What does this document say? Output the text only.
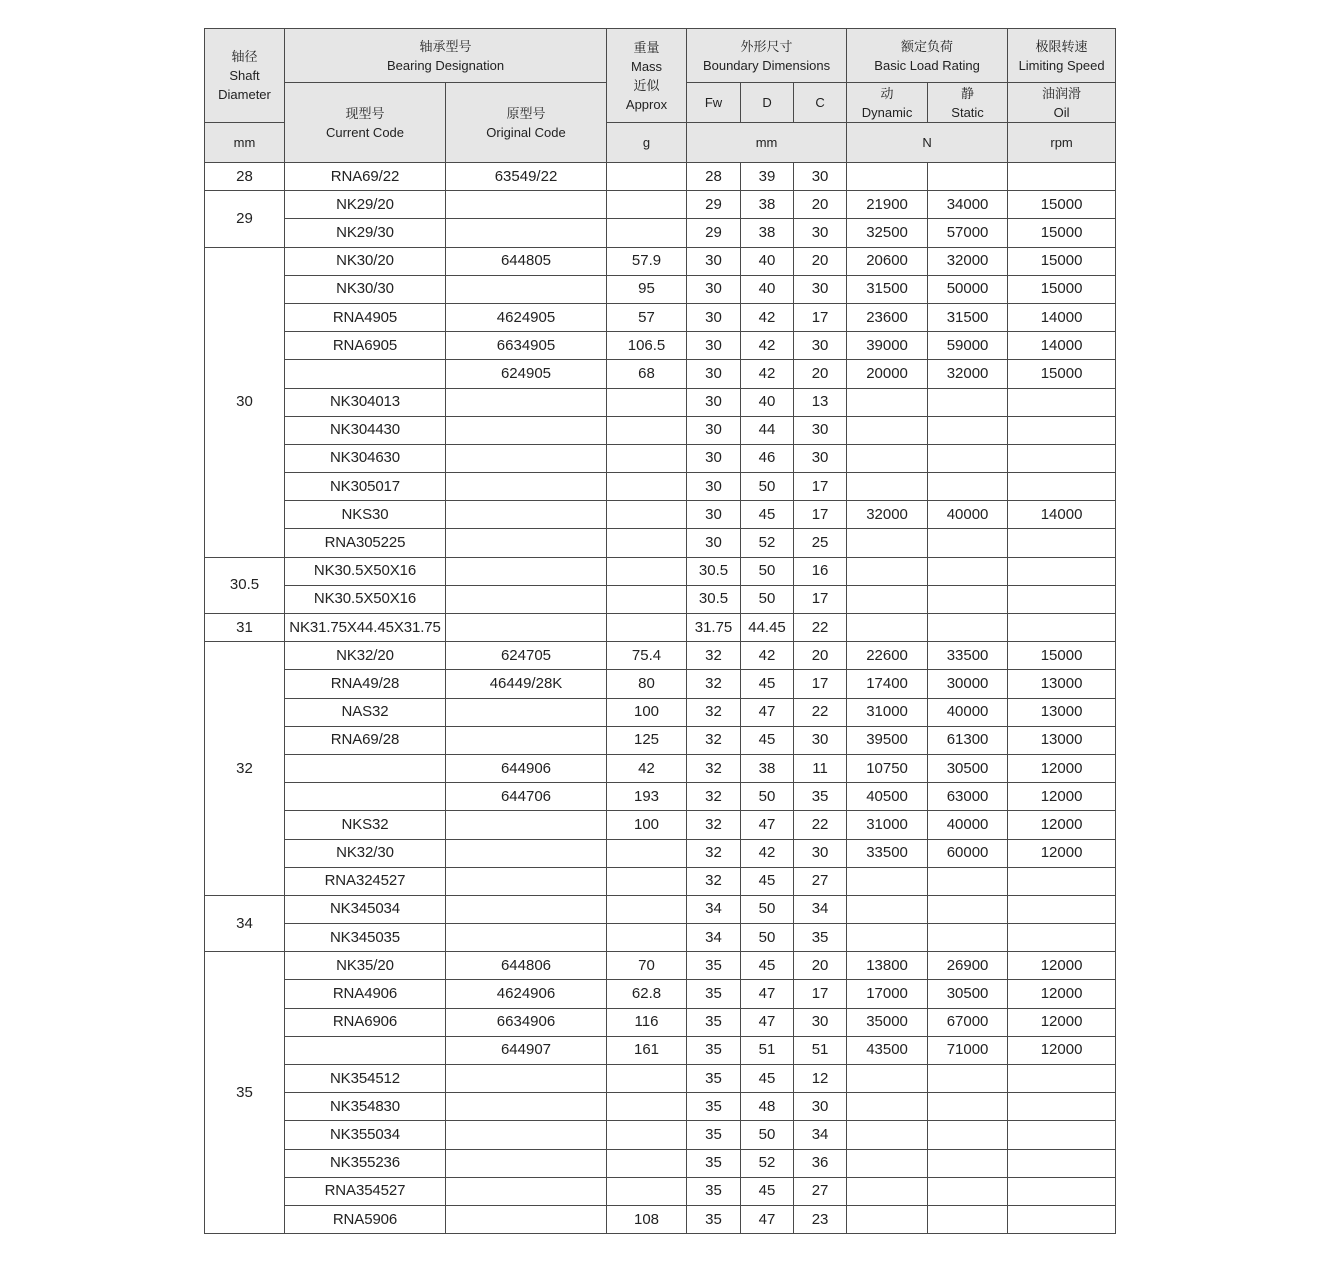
轴径
Shaft
Diameter	轴承型号
Bearing Designation		重量
Mass
近似
Approx	外形尺寸
Boundary Dimensions			额定负荷
Basic Load Rating		极限转速
Limiting Speed

	现型号
Current Code	原型号
Original Code		Fw	D	C	动
Dynamic	静
Static	油润滑
Oil

mm			g	mm			N		rpm
28	RNA69/22	63549/22		28	39	30			
29	NK29/20			29	38	20	21900	34000	15000
	NK29/30			29	38	30	32500	57000	15000
30	NK30/20	644805	57.9	30	40	20	20600	32000	15000
	NK30/30		95	30	40	30	31500	50000	15000
	RNA4905	4624905	57	30	42	17	23600	31500	14000
	RNA6905	6634905	106.5	30	42	30	39000	59000	14000
		624905	68	30	42	20	20000	32000	15000
	NK304013			30	40	13			
	NK304430			30	44	30			
	NK304630			30	46	30			
	NK305017			30	50	17			
	NKS30			30	45	17	32000	40000	14000
	RNA305225			30	52	25			
30.5	NK30.5X50X16			30.5	50	16			
	NK30.5X50X16			30.5	50	17			
31	NK31.75X44.45X31.75			31.75	44.45	22			
32	NK32/20	624705	75.4	32	42	20	22600	33500	15000
	RNA49/28	46449/28K	80	32	45	17	17400	30000	13000
	NAS32		100	32	47	22	31000	40000	13000
	RNA69/28		125	32	45	30	39500	61300	13000
		644906	42	32	38	11	10750	30500	12000
		644706	193	32	50	35	40500	63000	12000
	NKS32		100	32	47	22	31000	40000	12000
	NK32/30			32	42	30	33500	60000	12000
	RNA324527			32	45	27			
34	NK345034			34	50	34			
	NK345035			34	50	35			
35	NK35/20	644806	70	35	45	20	13800	26900	12000
	RNA4906	4624906	62.8	35	47	17	17000	30500	12000
	RNA6906	6634906	116	35	47	30	35000	67000	12000
		644907	161	35	51	51	43500	71000	12000
	NK354512			35	45	12			
	NK354830			35	48	30			
	NK355034			35	50	34			
	NK355236			35	52	36			
	RNA354527			35	45	27			
	RNA5906		108	35	47	23			
